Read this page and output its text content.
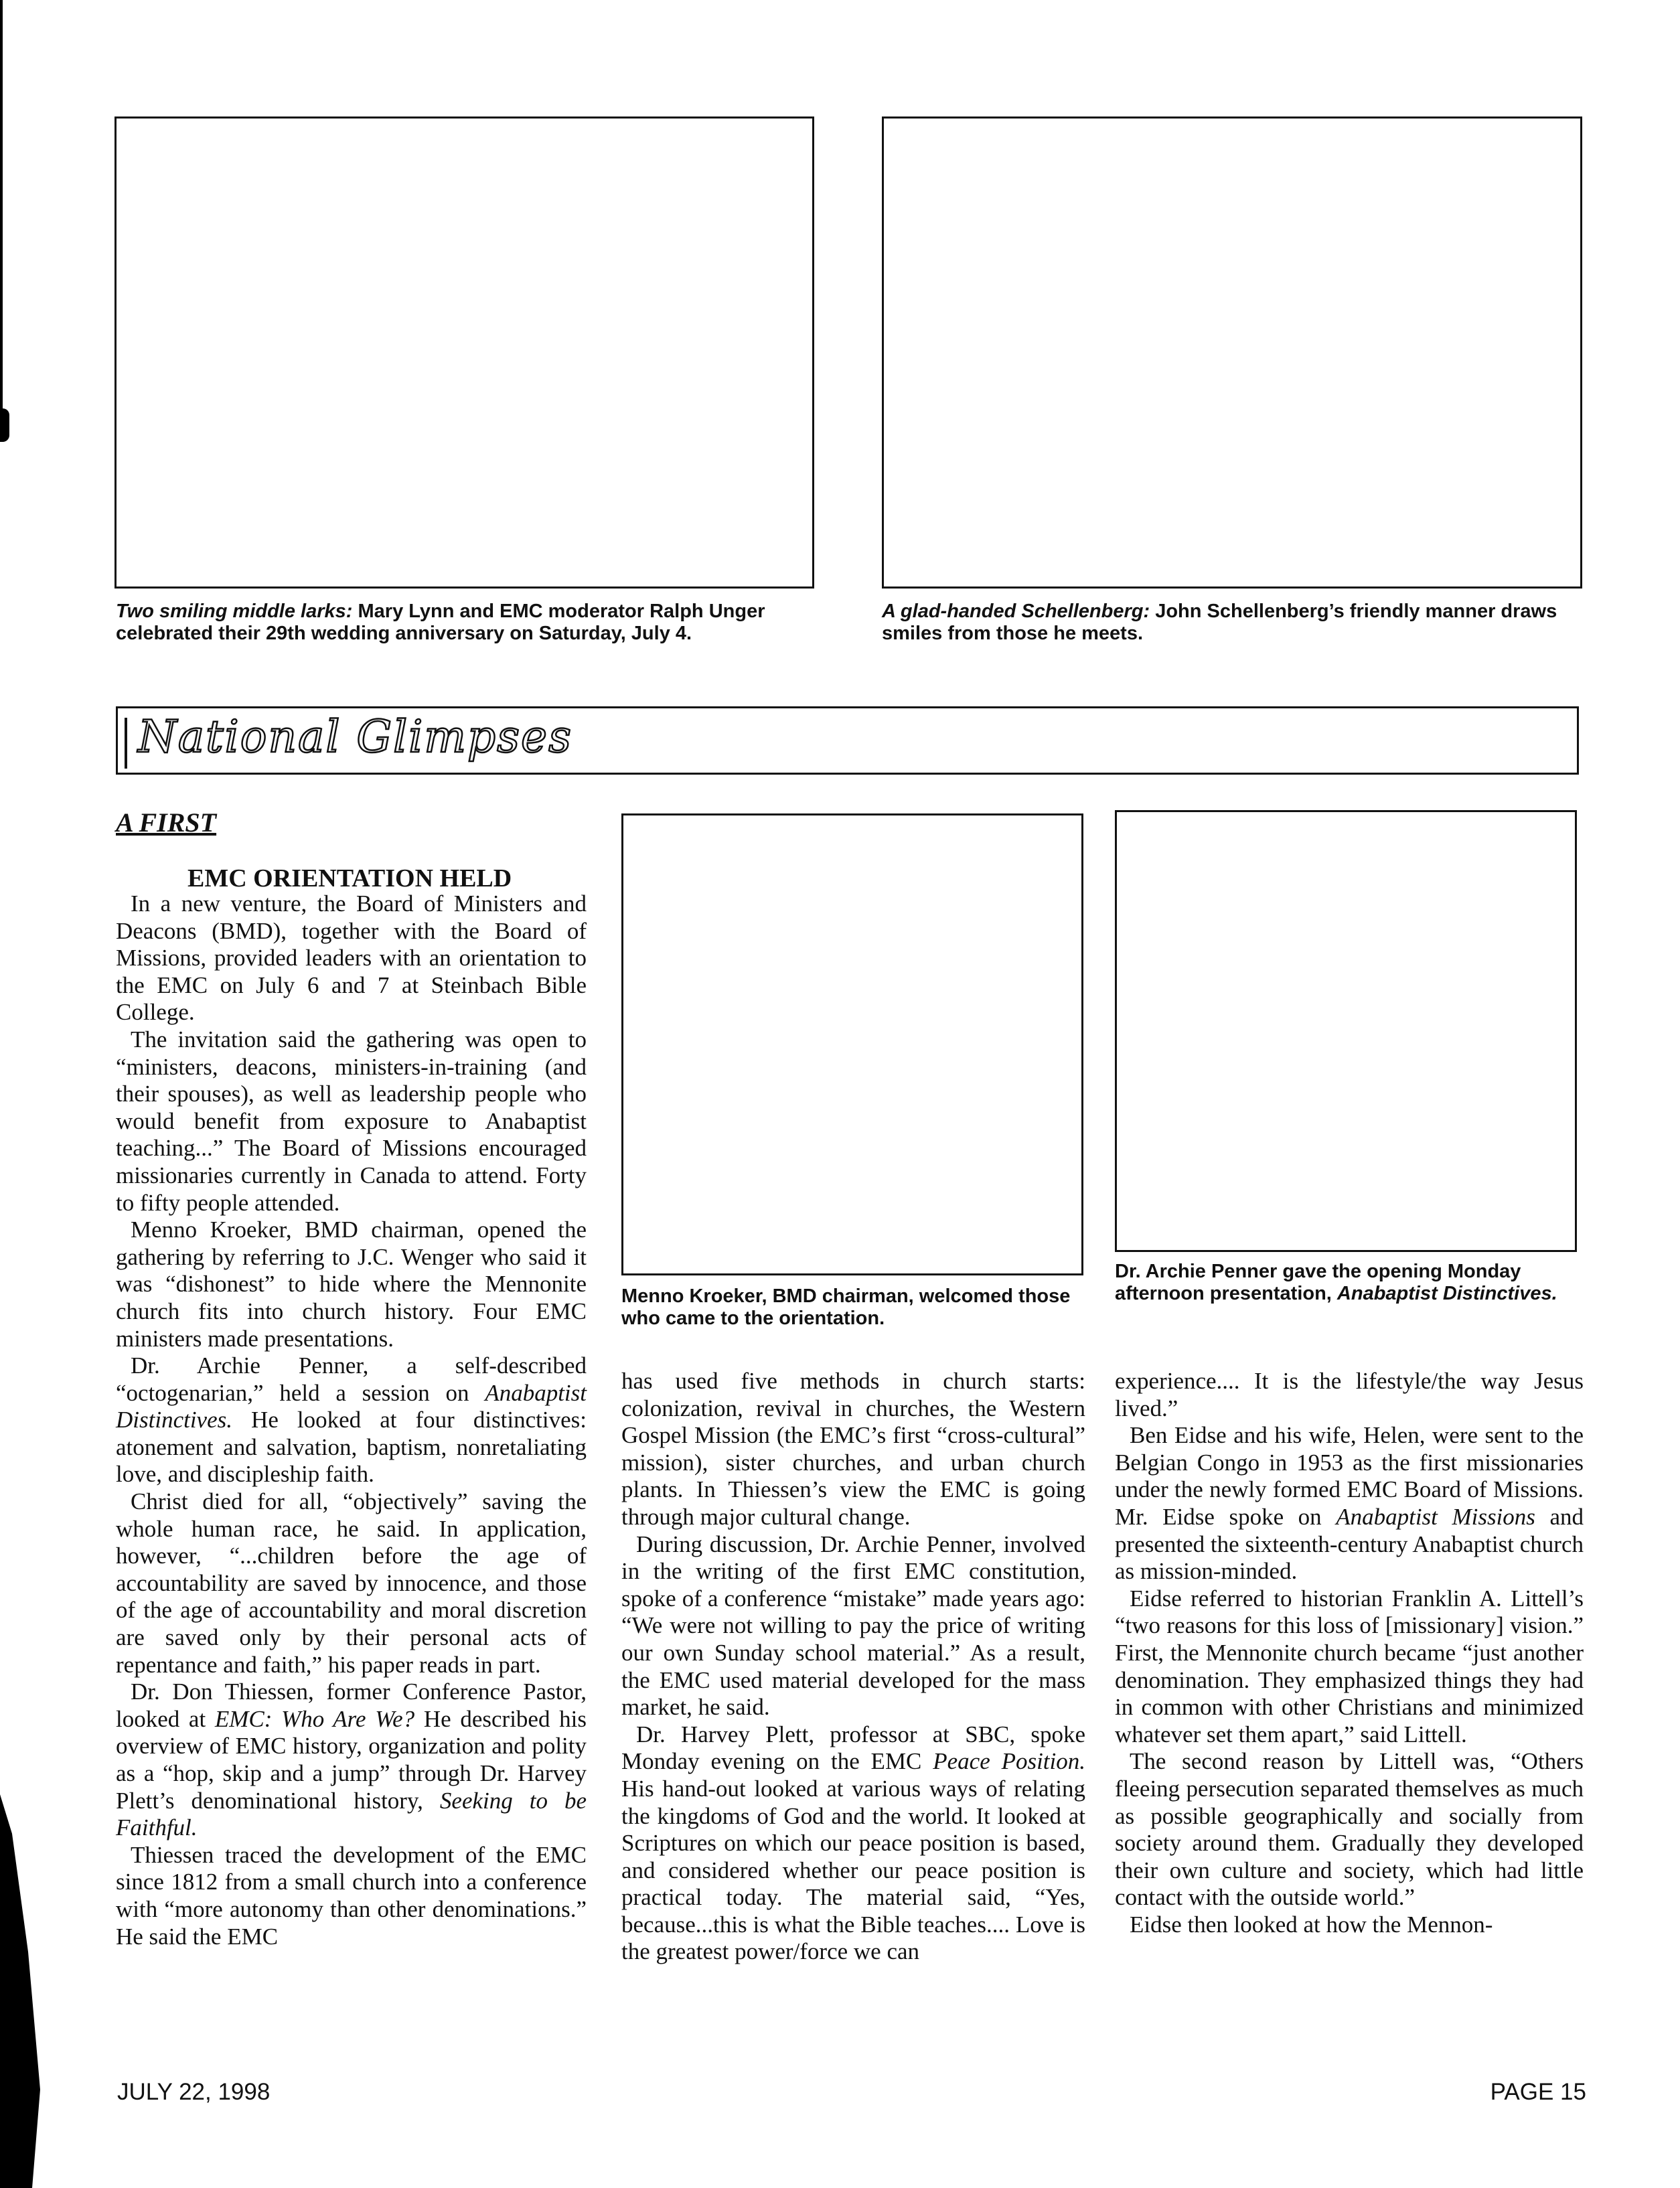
Two smiling middle larks: Mary Lynn and EMC moderator Ralph Unger celebrated their 29th wedding anniversary on Saturday, July 4.
A glad-handed Schellenberg: John Schellenberg’s friendly manner draws smiles from those he meets.
National Glimpses
A FIRST
EMC ORIENTATION HELD
Menno Kroeker, BMD chairman, welcomed those who came to the orientation.
Dr. Archie Penner gave the opening Monday afternoon presentation, Anabaptist Distinctives.

In a new venture, the Board of Ministers and Deacons (BMD), together with the Board of Missions, provided leaders with an orientation to the EMC on July 6 and 7 at Steinbach Bible College.

The invitation said the gathering was open to “ministers, deacons, ministers-in-training (and their spouses), as well as leadership people who would benefit from exposure to Anabaptist teaching...” The Board of Missions encouraged missionaries currently in Canada to attend. Forty to fifty people attended.

Menno Kroeker, BMD chairman, opened the gathering by referring to J.C. Wenger who said it was “dishonest” to hide where the Mennonite church fits into church history. Four EMC ministers made presentations.

Dr. Archie Penner, a self-described “octogenarian,” held a session on Anabaptist Distinctives. He looked at four distinctives: atonement and salvation, baptism, nonretaliating love, and discipleship faith.

Christ died for all, “objectively” saving the whole human race, he said. In application, however, “...children before the age of accountability are saved by innocence, and those of the age of accountability and moral discretion are saved only by their personal acts of repentance and faith,” his paper reads in part.

Dr. Don Thiessen, former Conference Pastor, looked at EMC: Who Are We? He described his overview of EMC history, organization and polity as a “hop, skip and a jump” through Dr. Harvey Plett’s denominational history, Seeking to be Faithful.

Thiessen traced the development of the EMC since 1812 from a small church into a conference with “more autonomy than other denominations.” He said the EMC

has used five methods in church starts: colonization, revival in churches, the Western Gospel Mission (the EMC’s first “cross-cultural” mission), sister churches, and urban church plants. In Thiessen’s view the EMC is going through major cultural change.

During discussion, Dr. Archie Penner, involved in the writing of the first EMC constitution, spoke of a conference “mistake” made years ago: “We were not willing to pay the price of writing our own Sunday school material.” As a result, the EMC used material developed for the mass market, he said.

Dr. Harvey Plett, professor at SBC, spoke Monday evening on the EMC Peace Position. His hand-out looked at various ways of relating the kingdoms of God and the world. It looked at Scriptures on which our peace position is based, and considered whether our peace position is practical today. The material said, “Yes, because...this is what the Bible teaches.... Love is the greatest power/force we can

experience.... It is the lifestyle/the way Jesus lived.”

Ben Eidse and his wife, Helen, were sent to the Belgian Congo in 1953 as the first missionaries under the newly formed EMC Board of Missions. Mr. Eidse spoke on Anabaptist Missions and presented the sixteenth-century Anabaptist church as mission-minded.

Eidse referred to historian Franklin A. Littell’s “two reasons for this loss of [missionary] vision.” First, the Mennonite church became “just another denomination. They emphasized things they had in common with other Christians and minimized whatever set them apart,” said Littell.

The second reason by Littell was, “Others fleeing persecution separated themselves as much as possible geographically and socially from society around them. Gradually they developed their own culture and society, which had little contact with the outside world.”

Eidse then looked at how the Mennon-

JULY 22, 1998	PAGE 15
